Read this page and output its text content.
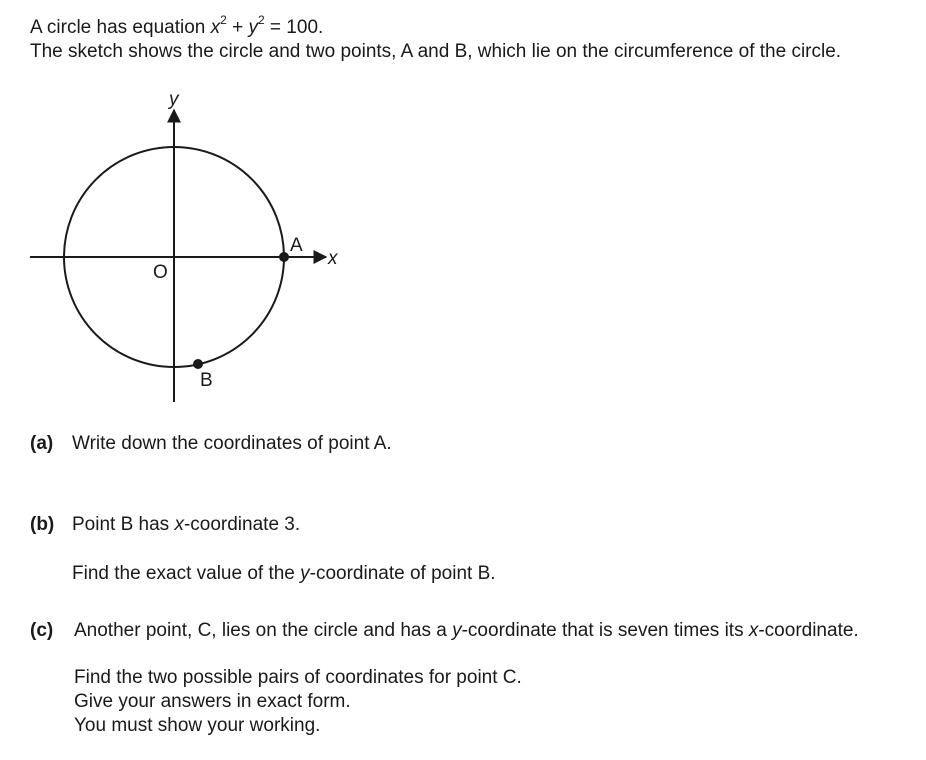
A circle has equation $x^2 + y^2 = 100$.
The sketch shows the circle and two points, A and B, which lie on the circumference of the circle.
y
x
O
A
B
(a) Write down the coordinates of point A.
(b) Point B has x-coordinate 3.
Find the exact value of the y-coordinate of point B.
(c) Another point, C, lies on the circle and has a y-coordinate that is seven times its x-coordinate.
Find the two possible pairs of coordinates for point C.
Give your answers in exact form.
You must show your working.
